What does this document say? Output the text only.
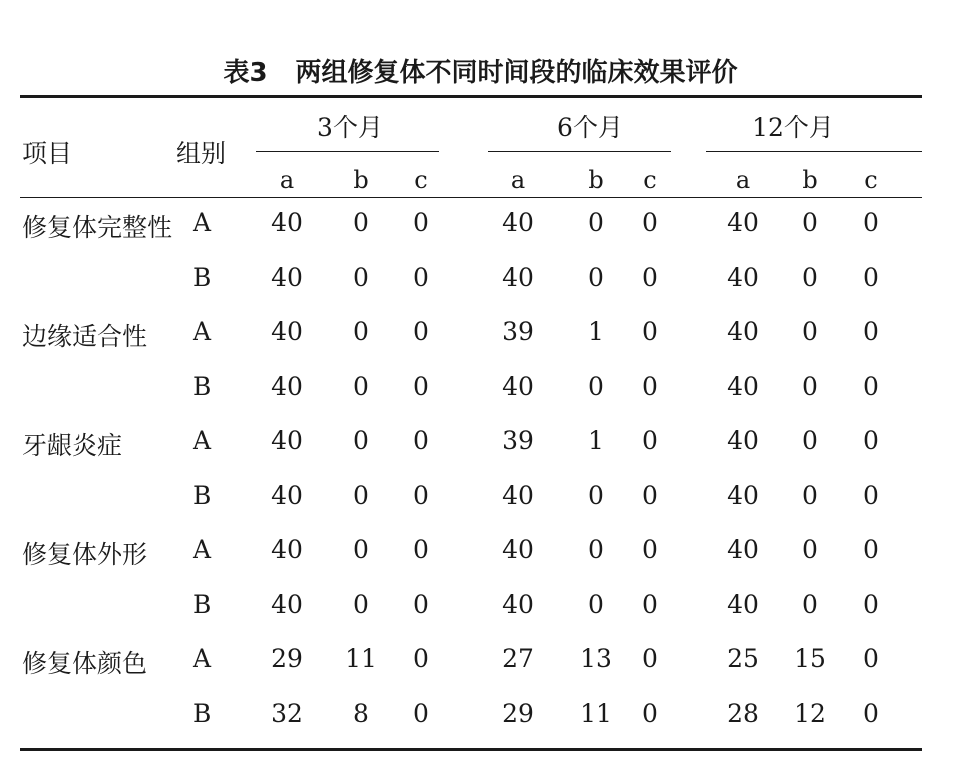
表3 两组修复体不同时间段的临床效果评价
项目	组别
3个月	6个月	12个月
a b c	a	b c	a b c
修复体完整性 A 40 0 0	40 0 0	40 0 0
B 40 0 0	40 0 0	40 0 0
边缘适合性 A 40 0 0	39 1 0	40 0 0
B 40 0 0	40 0 0	40 0 0
牙龈炎症	A 40 0 0	39 1 0	40 0 0
B 40 0 0	40 0 0	40 0 0
修复体外形 A 40 0 0	40 0 0	40 0 0
B 40 0 0	40 0 0	40 0 0
修复体颜色 A 29 11 0	27 13 0	25 15 0
B 32 8 0	29 11 0	28 12 0
